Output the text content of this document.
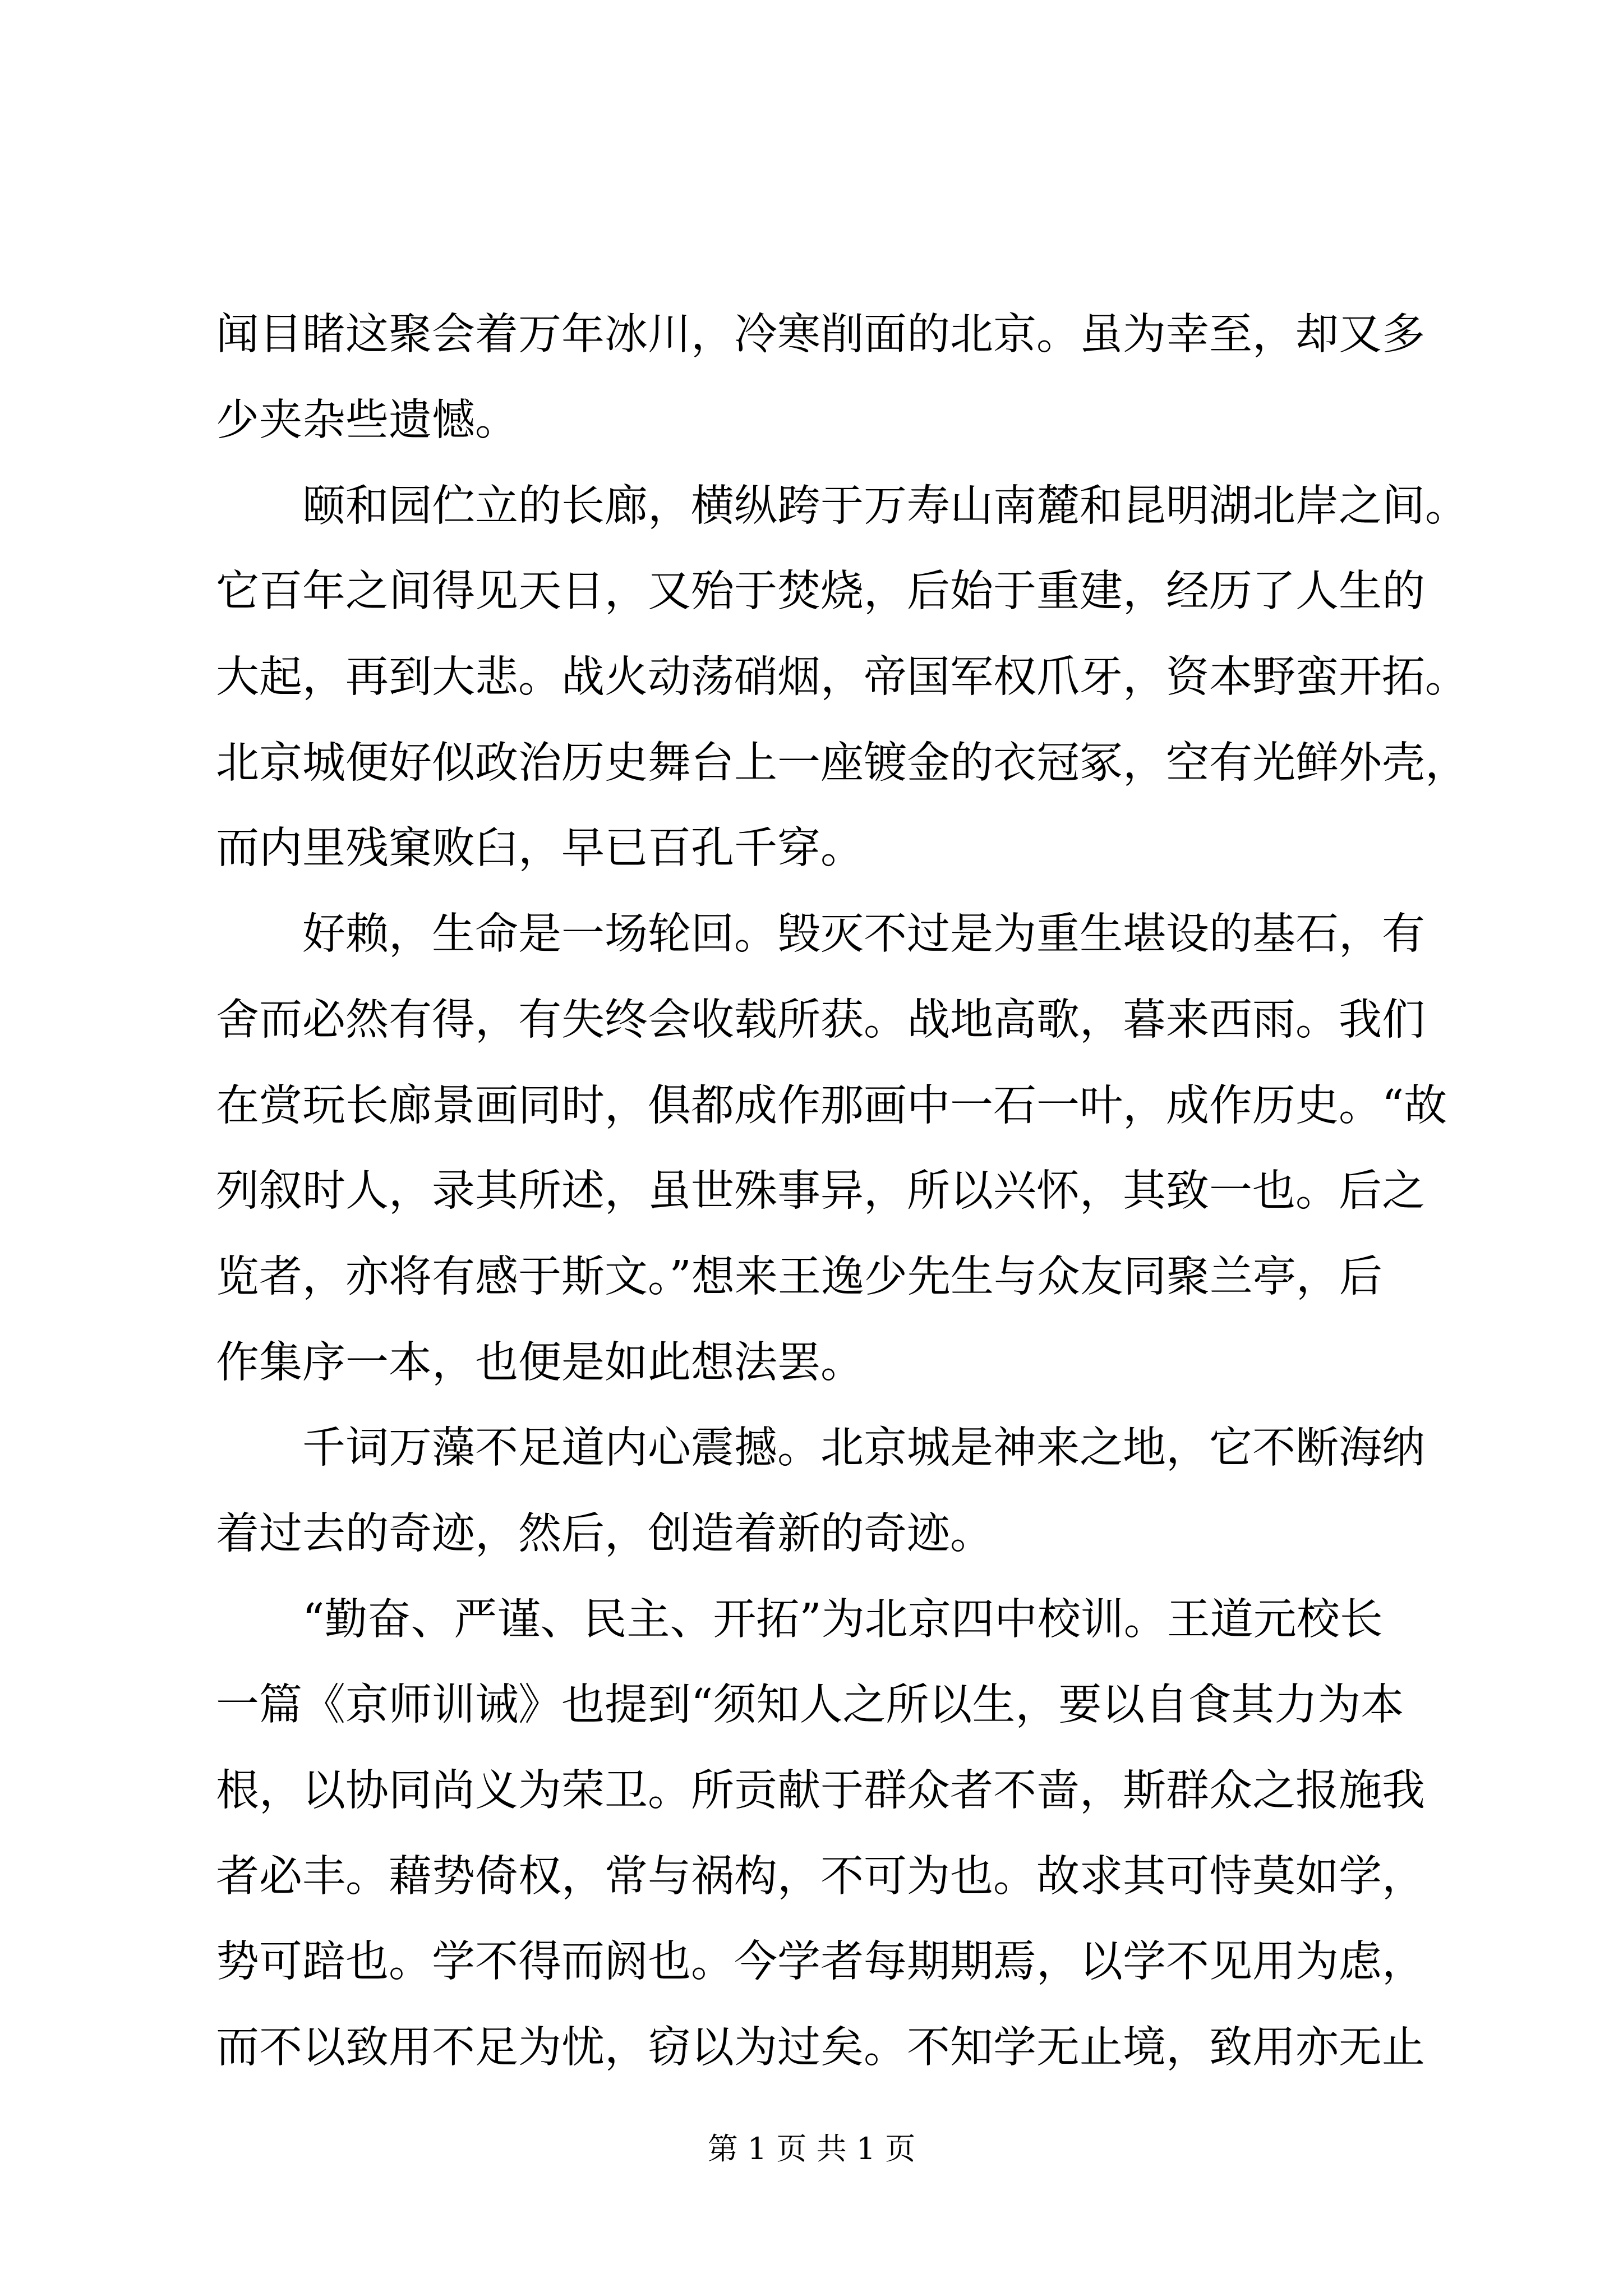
闻目睹这聚会着万年冰川，冷寒削面的北京。虽为幸至，却又多
少夹杂些遗憾。
　　颐和园伫立的长廊，横纵跨于万寿山南麓和昆明湖北岸之间。
它百年之间得见天日，又殆于焚烧，后始于重建，经历了人生的
大起，再到大悲。战火动荡硝烟，帝国军权爪牙，资本野蛮开拓。
北京城便好似政治历史舞台上一座镀金的衣冠冢，空有光鲜外壳，
而内里残窠败臼，早已百孔千穿。
　　好赖，生命是一场轮回。毁灭不过是为重生堪设的基石，有
舍而必然有得，有失终会收载所获。战地高歌，暮来西雨。我们
在赏玩长廊景画同时，俱都成作那画中一石一叶，成作历史。“故
列叙时人，录其所述，虽世殊事异，所以兴怀，其致一也。后之
览者，亦将有感于斯文。”想来王逸少先生与众友同聚兰亭，后
作集序一本，也便是如此想法罢。
　　千词万藻不足道内心震撼。北京城是神来之地，它不断海纳
着过去的奇迹，然后，创造着新的奇迹。
　　“勤奋、严谨、民主、开拓”为北京四中校训。王道元校长
一篇《京师训诫》也提到“须知人之所以生，要以自食其力为本
根，以协同尚义为荣卫。所贡献于群众者不啬，斯群众之报施我
者必丰。藉势倚权，常与祸构，不可为也。故求其可恃莫如学，
势可踣也。学不得而阏也。今学者每期期焉，以学不见用为虑，
而不以致用不足为忧，窃以为过矣。不知学无止境，致用亦无止
第 1 页 共 1 页
